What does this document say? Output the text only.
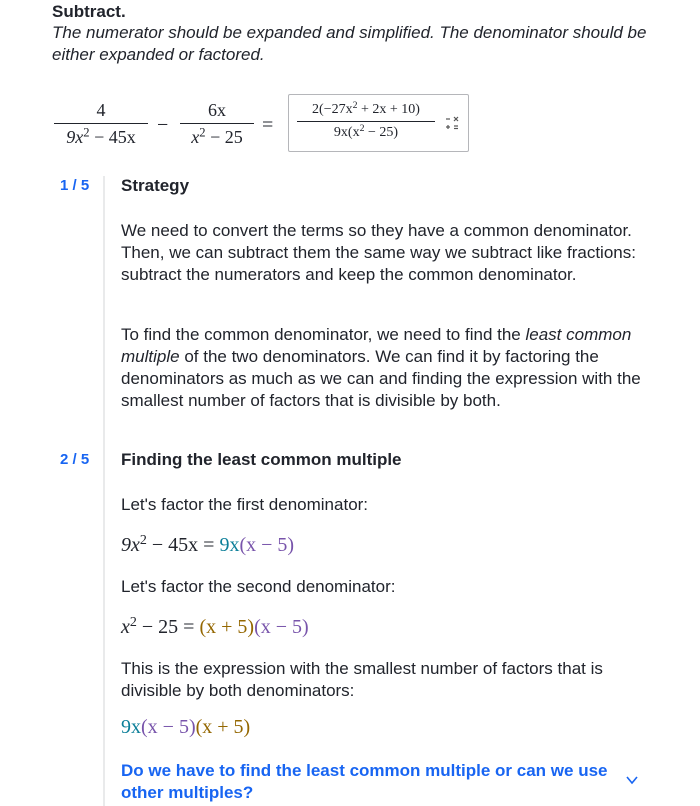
Subtract.
The numerator should be expanded and simplified. The denominator should be either expanded or factored.
4
$9x^2 - 45x$
−
6x
$x^2 - 25$
=
$2(-27x^2 + 2x + 10)$
$9x(x^2 - 25)$
1 / 5 Strategy
We need to convert the terms so they have a common denominator. Then, we can subtract them the same way we subtract like fractions: subtract the numerators and keep the common denominator.
To find the common denominator, we need to find the least common multiple of the two denominators. We can find it by factoring the denominators as much as we can and finding the expression with the smallest number of factors that is divisible by both.
2 / 5 Finding the least common multiple
Let's factor the first denominator:
$9x^2 - 45x = 9x(x - 5)$
Let's factor the second denominator:
$x^2 - 25 = (x + 5)(x - 5)$
This is the expression with the smallest number of factors that is divisible by both denominators:
9x(x − 5)(x + 5)
Do we have to find the least common multiple or can we use other multiples?
